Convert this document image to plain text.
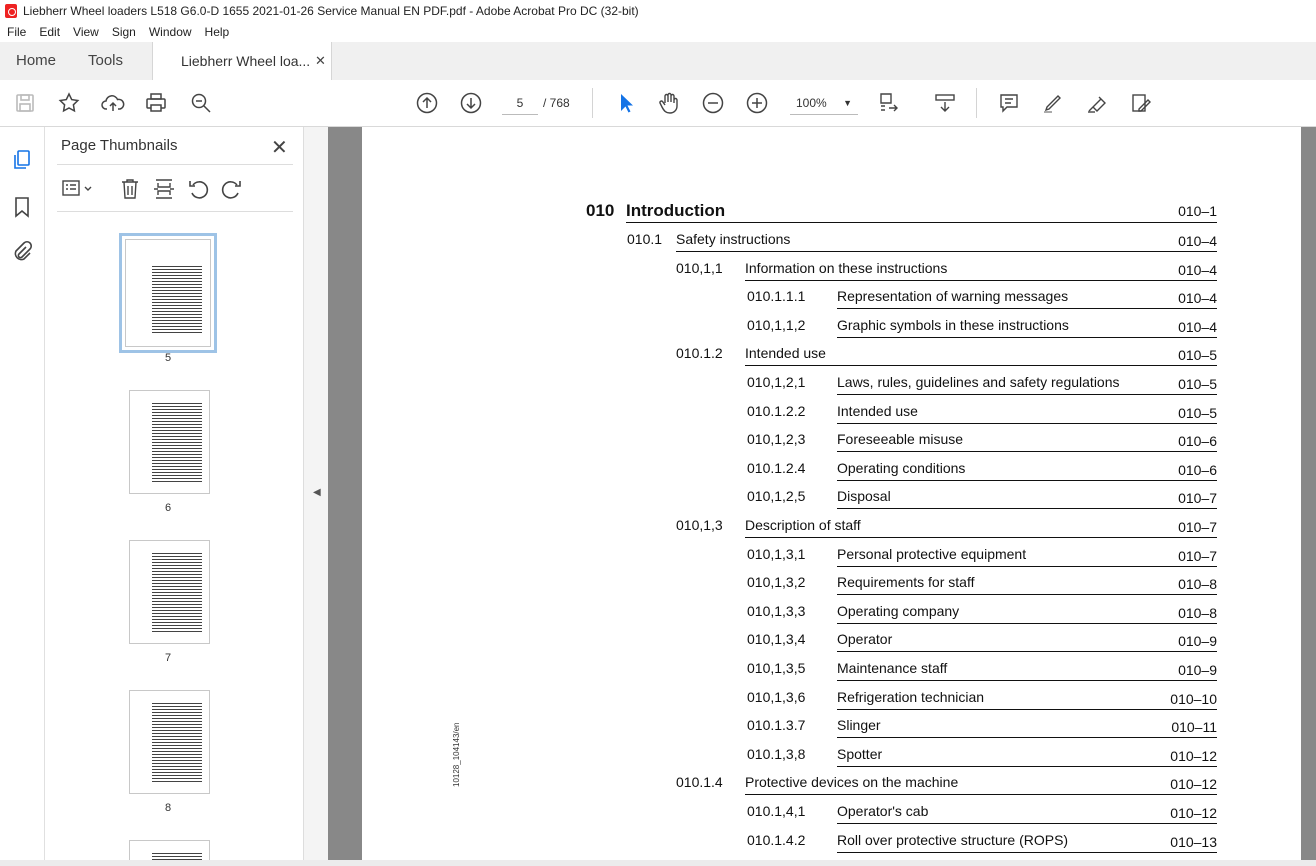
Liebherr Wheel loaders L518 G6.0-D 1655 2021-01-26 Service Manual EN PDF.pdf - Adobe Acrobat Pro DC (32-bit)
File	Edit	View	Sign	Window	Help
Home Tools	Liebherr Wheel loa... ✕
5	/ 768	100% ▼
Page Thumbnails	✕
5
6
7
8
◀
10128_104143/en
010 Introduction	010–1
010.1 Safety instructions	010–4
010,1,1 Information on these instructions	010–4
010.1.1.1 Representation of warning messages	010–4
010,1,1,2 Graphic symbols in these instructions	010–4
010.1.2 Intended use	010–5
010,1,2,1 Laws, rules, guidelines and safety regulations	010–5
010.1.2.2 Intended use	010–5
010,1,2,3 Foreseeable misuse	010–6
010.1.2.4 Operating conditions	010–6
010,1,2,5 Disposal	010–7
010,1,3 Description of staff	010–7
010,1,3,1 Personal protective equipment	010–7
010,1,3,2 Requirements for staff	010–8
010,1,3,3 Operating company	010–8
010,1,3,4 Operator	010–9
010,1,3,5 Maintenance staff	010–9
010,1,3,6 Refrigeration technician	010–10
010.1.3.7 Slinger	010–11
010.1,3,8 Spotter	010–12
010.1.4 Protective devices on the machine	010–12
010.1,4,1 Operator's cab	010–12
010.1.4.2 Roll over protective structure (ROPS)	010–13
